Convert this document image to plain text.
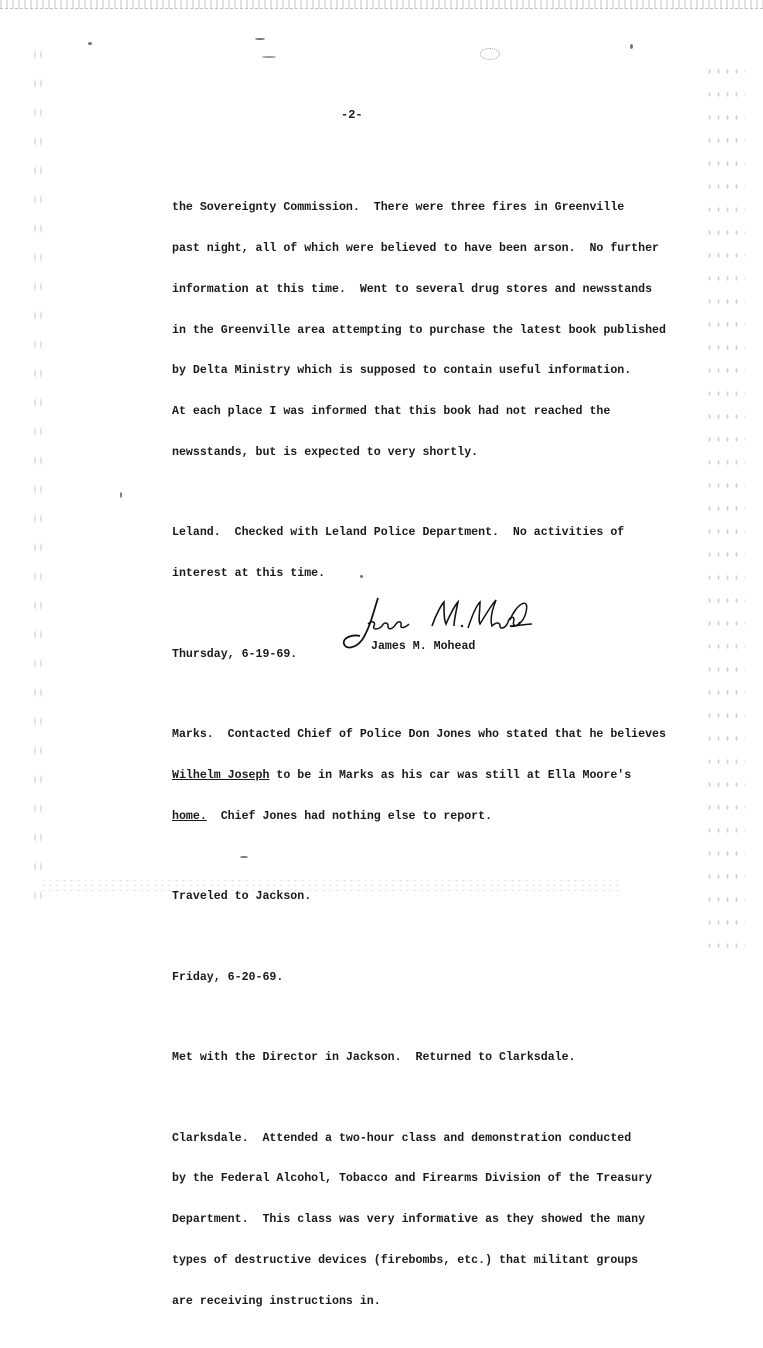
-2-

the Sovereignty Commission.  There were three fires in Greenville

past night, all of which were believed to have been arson.  No further

information at this time.  Went to several drug stores and newsstands

in the Greenville area attempting to purchase the latest book published

by Delta Ministry which is supposed to contain useful information.

At each place I was informed that this book had not reached the

newsstands, but is expected to very shortly.

Leland.  Checked with Leland Police Department.  No activities of

interest at this time.

Thursday, 6-19-69.

Marks.  Contacted Chief of Police Don Jones who stated that he believes

Wilhelm Joseph to be in Marks as his car was still at Ella Moore's

home.  Chief Jones had nothing else to report.

Traveled to Jackson.

Friday, 6-20-69.

Met with the Director in Jackson.  Returned to Clarksdale.

Clarksdale.  Attended a two-hour class and demonstration conducted

by the Federal Alcohol, Tobacco and Firearms Division of the Treasury

Department.  This class was very informative as they showed the many

types of destructive devices (firebombs, etc.) that militant groups

are receiving instructions in.

James M. Mohead
James M. Mohead
